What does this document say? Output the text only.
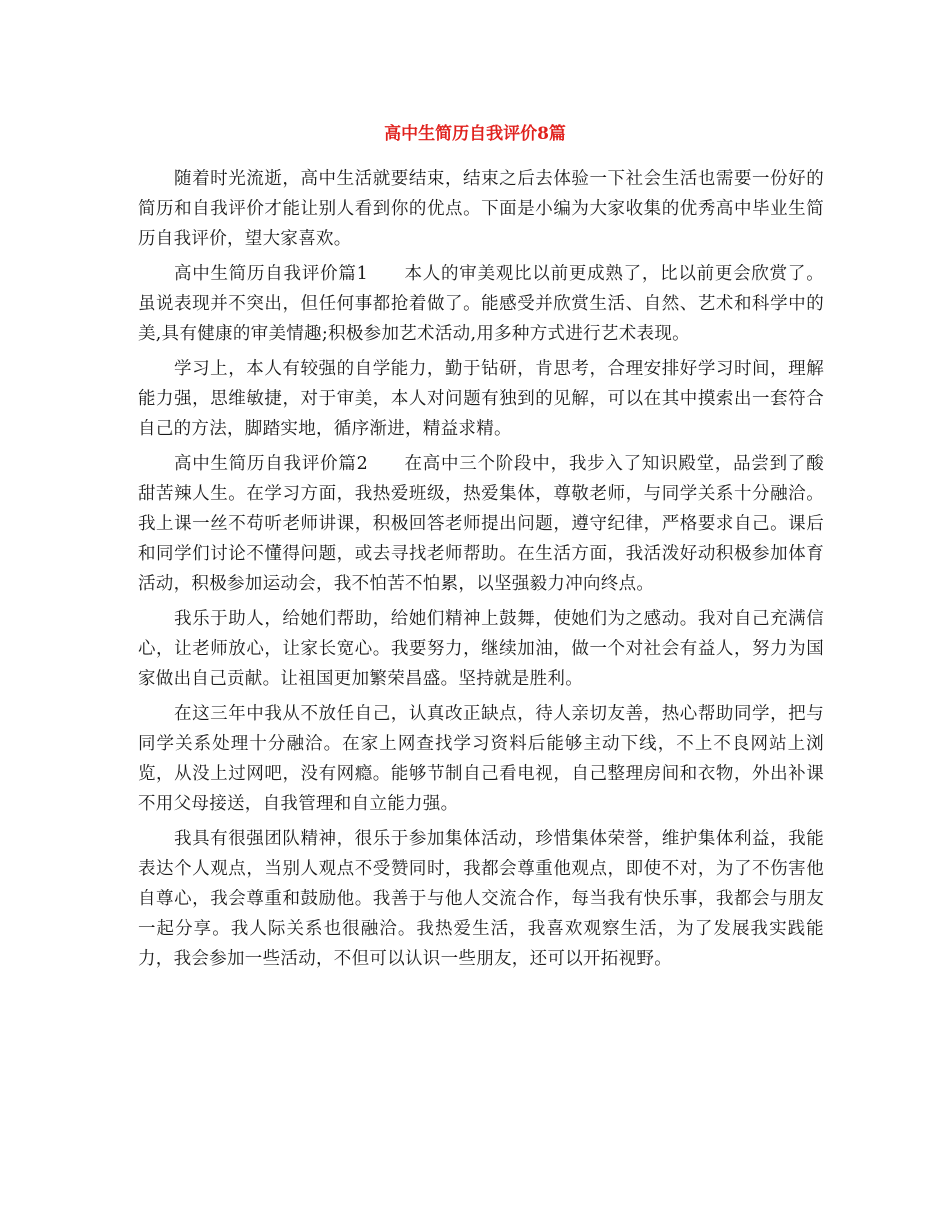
高中生简历自我评价8篇

随着时光流逝，高中生活就要结束，结束之后去体验一下社会生活也需要一份好的简历和自我评价才能让别人看到你的优点。下面是小编为大家收集的优秀高中毕业生简历自我评价，望大家喜欢。

高中生简历自我评价篇1 本人的审美观比以前更成熟了，比以前更会欣赏了。虽说表现并不突出，但任何事都抢着做了。能感受并欣赏生活、自然、艺术和科学中的美,具有健康的审美情趣;积极参加艺术活动,用多种方式进行艺术表现。

学习上，本人有较强的自学能力，勤于钻研，肯思考，合理安排好学习时间，理解能力强，思维敏捷，对于审美，本人对问题有独到的见解，可以在其中摸索出一套符合自己的方法，脚踏实地，循序渐进，精益求精。

高中生简历自我评价篇2 在高中三个阶段中，我步入了知识殿堂，品尝到了酸甜苦辣人生。在学习方面，我热爱班级，热爱集体，尊敬老师，与同学关系十分融洽。我上课一丝不苟听老师讲课，积极回答老师提出问题，遵守纪律，严格要求自己。课后和同学们讨论不懂得问题，或去寻找老师帮助。在生活方面，我活泼好动积极参加体育活动，积极参加运动会，我不怕苦不怕累，以坚强毅力冲向终点。

我乐于助人，给她们帮助，给她们精神上鼓舞，使她们为之感动。我对自己充满信心，让老师放心，让家长宽心。我要努力，继续加油，做一个对社会有益人，努力为国家做出自己贡献。让祖国更加繁荣昌盛。坚持就是胜利。

在这三年中我从不放任自己，认真改正缺点，待人亲切友善，热心帮助同学，把与同学关系处理十分融洽。在家上网查找学习资料后能够主动下线，不上不良网站上浏览，从没上过网吧，没有网瘾。能够节制自己看电视，自己整理房间和衣物，外出补课不用父母接送，自我管理和自立能力强。

我具有很强团队精神，很乐于参加集体活动，珍惜集体荣誉，维护集体利益，我能表达个人观点，当别人观点不受赞同时，我都会尊重他观点，即使不对，为了不伤害他自尊心，我会尊重和鼓励他。我善于与他人交流合作，每当我有快乐事，我都会与朋友一起分享。我人际关系也很融洽。我热爱生活，我喜欢观察生活，为了发展我实践能力，我会参加一些活动，不但可以认识一些朋友，还可以开拓视野。
